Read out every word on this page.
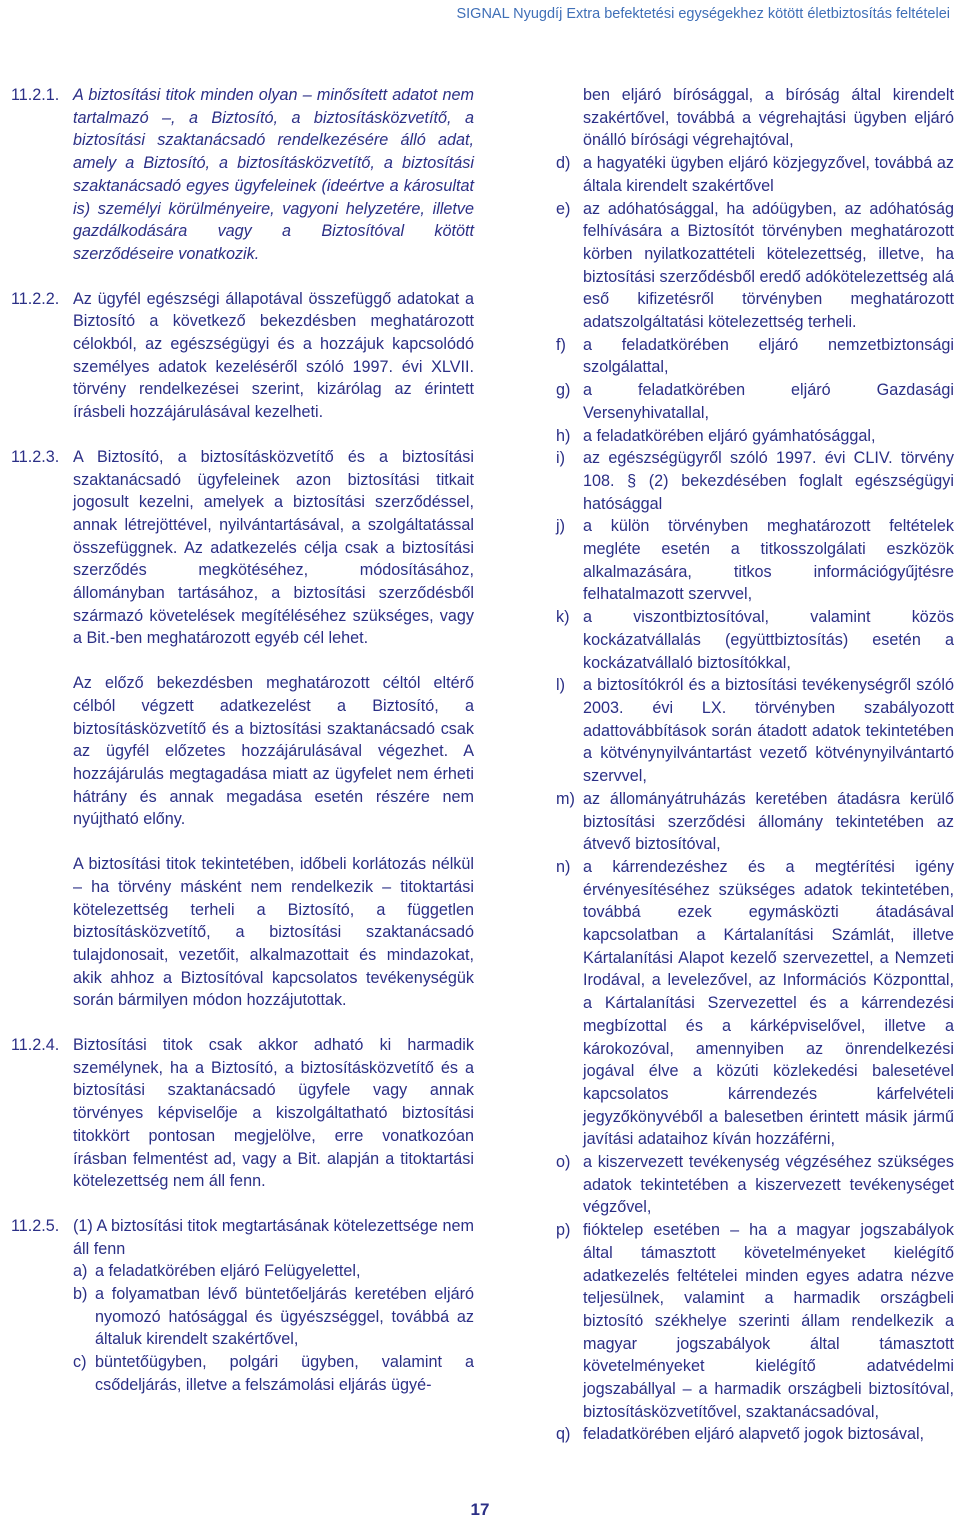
SIGNAL Nyugdíj Extra befektetési egységekhez kötött életbiztosítás feltételei
11.2.1. A biztosítási titok minden olyan – minősített adatot nem tartalmazó –, a Biztosító, a biztosításközvetítő, a biztosítási szaktanácsadó rendelkezésére álló adat, amely a Biztosító, a biztosításközvetítő, a biztosítási szaktanácsadó egyes ügyfeleinek (ideértve a károsultat is) személyi körülményeire, vagyoni helyzetére, illetve gazdálkodására vagy a Biztosítóval kötött szerződéseire vonatkozik.
11.2.2. Az ügyfél egészségi állapotával összefüggő adatokat a Biztosító a következő bekezdésben meghatározott célokból, az egészségügyi és a hozzájuk kapcsolódó személyes adatok kezeléséről szóló 1997. évi XLVII. törvény rendelkezései szerint, kizárólag az érintett írásbeli hozzájárulásával kezelheti.
11.2.3. A Biztosító, a biztosításközvetítő és a biztosítási szaktanácsadó ügyfeleinek azon biztosítási titkait jogosult kezelni, amelyek a biztosítási szerződéssel, annak létrejöttével, nyilvántartásával, a szolgáltatással összefüggnek. Az adatkezelés célja csak a biztosítási szerződés megkötéséhez, módosításához, állományban tartásához, a biztosítási szerződésből származó követelések megítéléséhez szükséges, vagy a Bit.-ben meghatározott egyéb cél lehet.
Az előző bekezdésben meghatározott céltól eltérő célból végzett adatkezelést a Biztosító, a biztosításközvetítő és a biztosítási szaktanácsadó csak az ügyfél előzetes hozzájárulásával végezhet. A hozzájárulás megtagadása miatt az ügyfelet nem érheti hátrány és annak megadása esetén részére nem nyújtható előny.
A biztosítási titok tekintetében, időbeli korlátozás nélkül – ha törvény másként nem rendelkezik – titoktartási kötelezettség terheli a Biztosító, a független biztosításközvetítő, a biztosítási szaktanácsadó tulajdonosait, vezetőit, alkalmazottait és mindazokat, akik ahhoz a Biztosítóval kapcsolatos tevékenységük során bármilyen módon hozzájutottak.
11.2.4. Biztosítási titok csak akkor adható ki harmadik személynek, ha a Biztosító, a biztosításközvetítő és a biztosítási szaktanácsadó ügyfele vagy annak törvényes képviselője a kiszolgáltatható biztosítási titokkört pontosan megjelölve, erre vonatkozóan írásban felmentést ad, vagy a Bit. alapján a titoktartási kötelezettség nem áll fenn.
11.2.5. (1) A biztosítási titok megtartásának kötelezettsége nem áll fenn
a) a feladatkörében eljáró Felügyelettel,
b) a folyamatban lévő büntetőeljárás keretében eljáró nyomozó hatósággal és ügyészséggel, továbbá az általuk kirendelt szakértővel,
c) büntetőügyben, polgári ügyben, valamint a csődeljárás, illetve a felszámolási eljárás ügyé-
ben eljáró bírósággal, a bíróság által kirendelt szakértővel, továbbá a végrehajtási ügyben eljáró önálló bírósági végrehajtóval,
d) a hagyatéki ügyben eljáró közjegyzővel, továbbá az általa kirendelt szakértővel
e) az adóhatósággal, ha adóügyben, az adóhatóság felhívására a Biztosítót törvényben meghatározott körben nyilatkozattételi kötelezettség, illetve, ha biztosítási szerződésből eredő adókötelezettség alá eső kifizetésről törvényben meghatározott adatszolgáltatási kötelezettség terheli.
f)	a feladatkörében eljáró nemzetbiztonsági szolgálattal,
g) a feladatkörében eljáró Gazdasági Versenyhivatallal,
h) a feladatkörében eljáró gyámhatósággal,
i)	az egészségügyről szóló 1997. évi CLIV. törvény 108. § (2) bekezdésében foglalt egészségügyi hatósággal
j)	a külön törvényben meghatározott feltételek megléte esetén a titkosszolgálati eszközök alkalmazására, titkos információgyűjtésre felhatalmazott szervvel,
k) a viszontbiztosítóval, valamint közös kockázatvállalás (együttbiztosítás) esetén a kockázatvállaló biztosítókkal,
l)	a biztosítókról és a biztosítási tevékenységről szóló 2003. évi LX. törvényben szabályozott adattovábbítások során átadott adatok tekintetében a kötvénynyilvántartást vezető kötvénynyilvántartó szervvel,
m) az állományátruházás keretében átadásra kerülő biztosítási szerződési állomány tekintetében az átvevő biztosítóval,
n) a kárrendezéshez és a megtérítési igény érvényesítéséhez szükséges adatok tekintetében, továbbá ezek egymásközti átadásával kapcsolatban a Kártalanítási Számlát, illetve Kártalanítási Alapot kezelő szervezettel, a Nemzeti Irodával, a levelezővel, az Információs Központtal, a Kártalanítási Szervezettel és a kárrendezési megbízottal és a kárképviselővel, illetve a károkozóval, amennyiben az önrendelkezési jogával élve a közúti közlekedési balesetével kapcsolatos kárrendezés kárfelvételi jegyzőkönyvéből a balesetben érintett másik jármű javítási adataihoz kíván hozzáférni,
o) a kiszervezett tevékenység végzéséhez szükséges adatok tekintetében a kiszervezett tevékenységet végzővel,
p) fióktelep esetében – ha a magyar jogszabályok által támasztott követelményeket kielégítő adatkezelés feltételei minden egyes adatra nézve teljesülnek, valamint a harmadik országbeli biztosító székhelye szerinti állam rendelkezik a magyar jogszabályok által támasztott követelményeket kielégítő adatvédelmi jogszabállyal – a harmadik országbeli biztosítóval, biztosításközvetítővel, szaktanácsadóval,
q) feladatkörében eljáró alapvető jogok biztosával,
17
